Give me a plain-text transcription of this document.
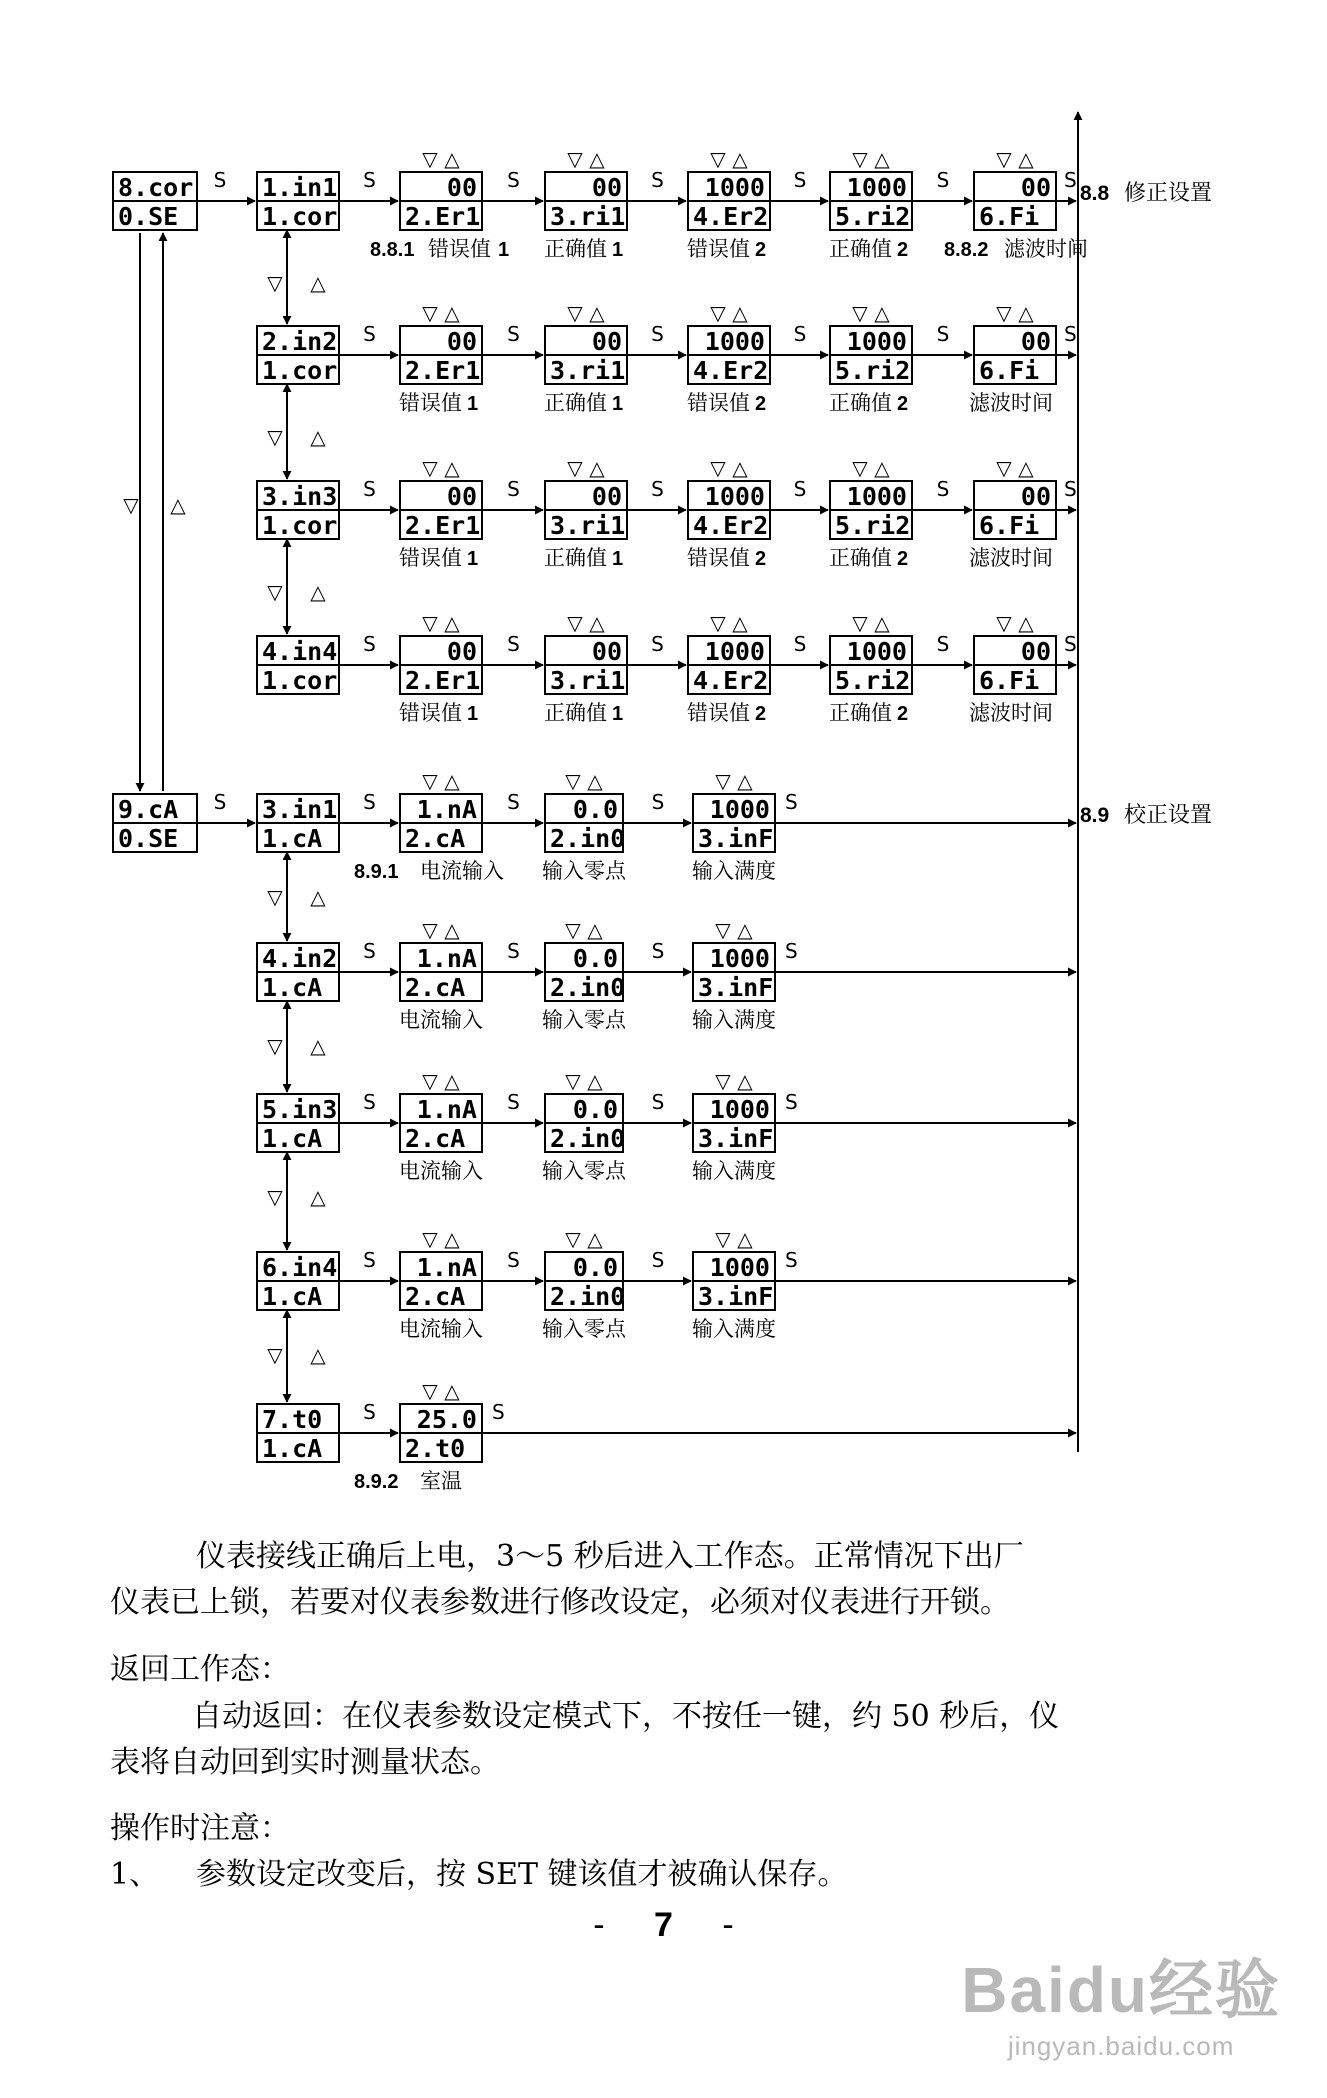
8.cor
0.SE
9.cA
0.SE
▽ △
1.in1
1.cor
S
▽ △
S
▽ △
00
2.Er1
8.8.1 错误值 1
S
▽ △
00
3.ri1
正确值 1
S
▽ △
1000
4.Er2
错误值 2
S
▽ △
1000
5.ri2
正确值 2
S
▽ △
00
6.Fi
8.8.2 滤波时间
S
2.in2
1.cor
▽ △
S
▽ △
00
2.Er1
错误值 1
S
▽ △
00
3.ri1
正确值 1
S
▽ △
1000
4.Er2
错误值 2
S
▽ △
1000
5.ri2
正确值 2
S
▽ △
00
6.Fi
滤波时间
S
3.in3
1.cor
▽ △
S
▽ △
00
2.Er1
错误值 1
S
▽ △
00
3.ri1
正确值 1
S
▽ △
1000
4.Er2
错误值 2
S
▽ △
1000
5.ri2
正确值 2
S
▽ △
00
6.Fi
滤波时间
S
4.in4
1.cor
S
▽ △
00
2.Er1
错误值 1
S
▽ △
00
3.ri1
正确值 1
S
▽ △
1000
4.Er2
错误值 2
S
▽ △
1000
5.ri2
正确值 2
S
▽ △
00
6.Fi
滤波时间
S
3.in1
1.cA
S
▽ △
S
▽ △
1.nA
2.cA
8.9.1 电流输入
S
▽ △
0.0
2.in0
输入零点
S
▽ △
1000
3.inF
输入满度
S
4.in2
1.cA
▽ △
S
▽ △
1.nA
2.cA
电流输入
S
▽ △
0.0
2.in0
输入零点
S
▽ △
1000
3.inF
输入满度
S
5.in3
1.cA
▽ △
S
▽ △
1.nA
2.cA
电流输入
S
▽ △
0.0
2.in0
输入零点
S
▽ △
1000
3.inF
输入满度
S
6.in4
1.cA
▽ △
S
▽ △
1.nA
2.cA
电流输入
S
▽ △
0.0
2.in0
输入零点
S
▽ △
1000
3.inF
输入满度
S
7.t0
1.cA
S
▽ △
25.0
2.t0
8.9.2 室温
S
8.8 修正设置
8.9 校正设置
仪表接线正确后上电，3～5 秒后进入工作态。正常情况下出厂
仪表已上锁，若要对仪表参数进行修改设定，必须对仪表进行开锁。
返回工作态：
自动返回：在仪表参数设定模式下，不按任一键，约 50 秒后，仪
表将自动回到实时测量状态。
操作时注意：
1、 参数设定改变后，按 SET 键该值才被确认保存。
- 7 -
Baidu经验
jingyan.baidu.com
